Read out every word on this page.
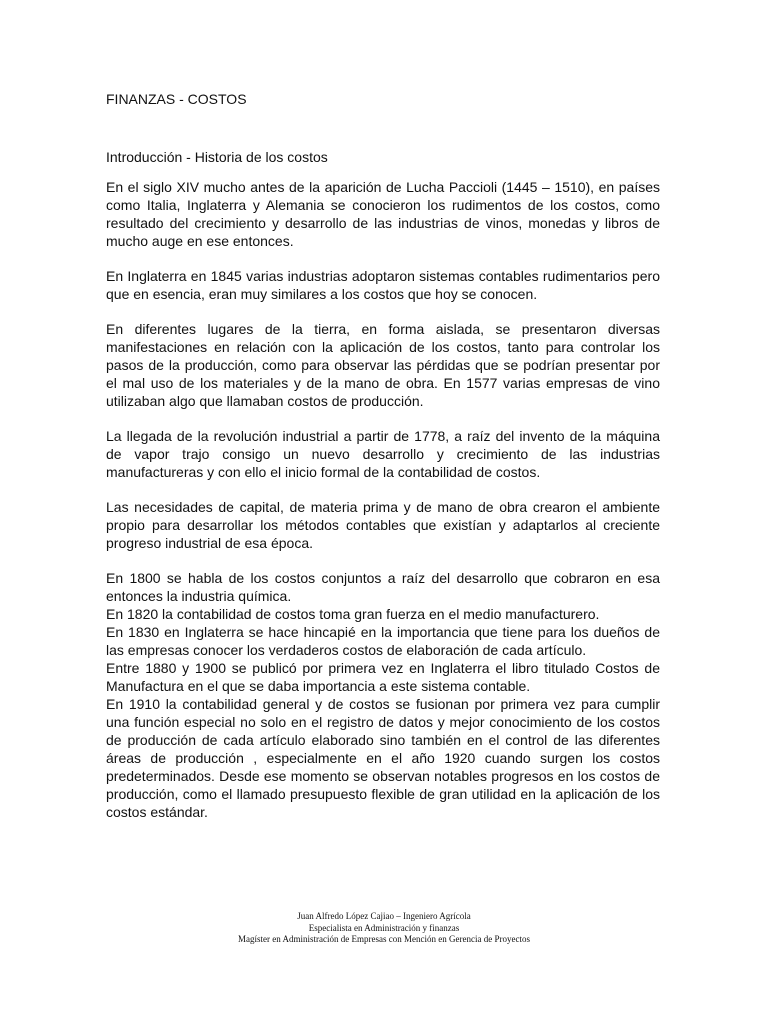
FINANZAS - COSTOS
Introducción - Historia de los costos

En el siglo XIV mucho antes de la aparición de Lucha Paccioli (1445 – 1510), en países como Italia, Inglaterra y Alemania se conocieron los rudimentos de los costos, como resultado del crecimiento y desarrollo de las industrias de vinos, monedas y libros de mucho auge en ese entonces.

En Inglaterra en 1845 varias industrias adoptaron sistemas contables rudimentarios pero que en esencia, eran muy similares a los costos que hoy se conocen.

En diferentes lugares de la tierra, en forma aislada, se presentaron diversas manifestaciones en relación con la aplicación de los costos, tanto para controlar los pasos de la producción, como para observar las pérdidas que se podrían presentar por el mal uso de los materiales y de la mano de obra. En 1577 varias empresas de vino utilizaban algo que llamaban costos de producción.

La llegada de la revolución industrial a partir de 1778, a raíz del invento de la máquina de vapor trajo consigo un nuevo desarrollo y crecimiento de las industrias manufactureras y con ello el inicio formal de la contabilidad de costos.

Las necesidades de capital, de materia prima y de mano de obra crearon el ambiente propio para desarrollar los métodos contables que existían y adaptarlos al creciente progreso industrial de esa época.

En 1800 se habla de los costos conjuntos a raíz del desarrollo que cobraron en esa entonces la industria química.

En 1820 la contabilidad de costos toma gran fuerza en el medio manufacturero.

En 1830 en Inglaterra se hace hincapié en la importancia que tiene para los dueños de las empresas conocer los verdaderos costos de elaboración de cada artículo.

Entre 1880 y 1900 se publicó por primera vez en Inglaterra el libro titulado Costos de Manufactura en el que se daba importancia a este sistema contable.

En 1910 la contabilidad general y de costos se fusionan por primera vez para cumplir una función especial no solo en el registro de datos y mejor conocimiento de los costos de producción de cada artículo elaborado sino también en el control de las diferentes áreas de producción , especialmente en el año 1920 cuando surgen los costos predeterminados. Desde ese momento se observan notables progresos en los costos de producción, como el llamado presupuesto flexible de gran utilidad en la aplicación de los costos estándar.

Juan Alfredo López Cajiao – Ingeniero Agrícola
Especialista en Administración y finanzas
Magíster en Administración de Empresas con Mención en Gerencia de Proyectos
